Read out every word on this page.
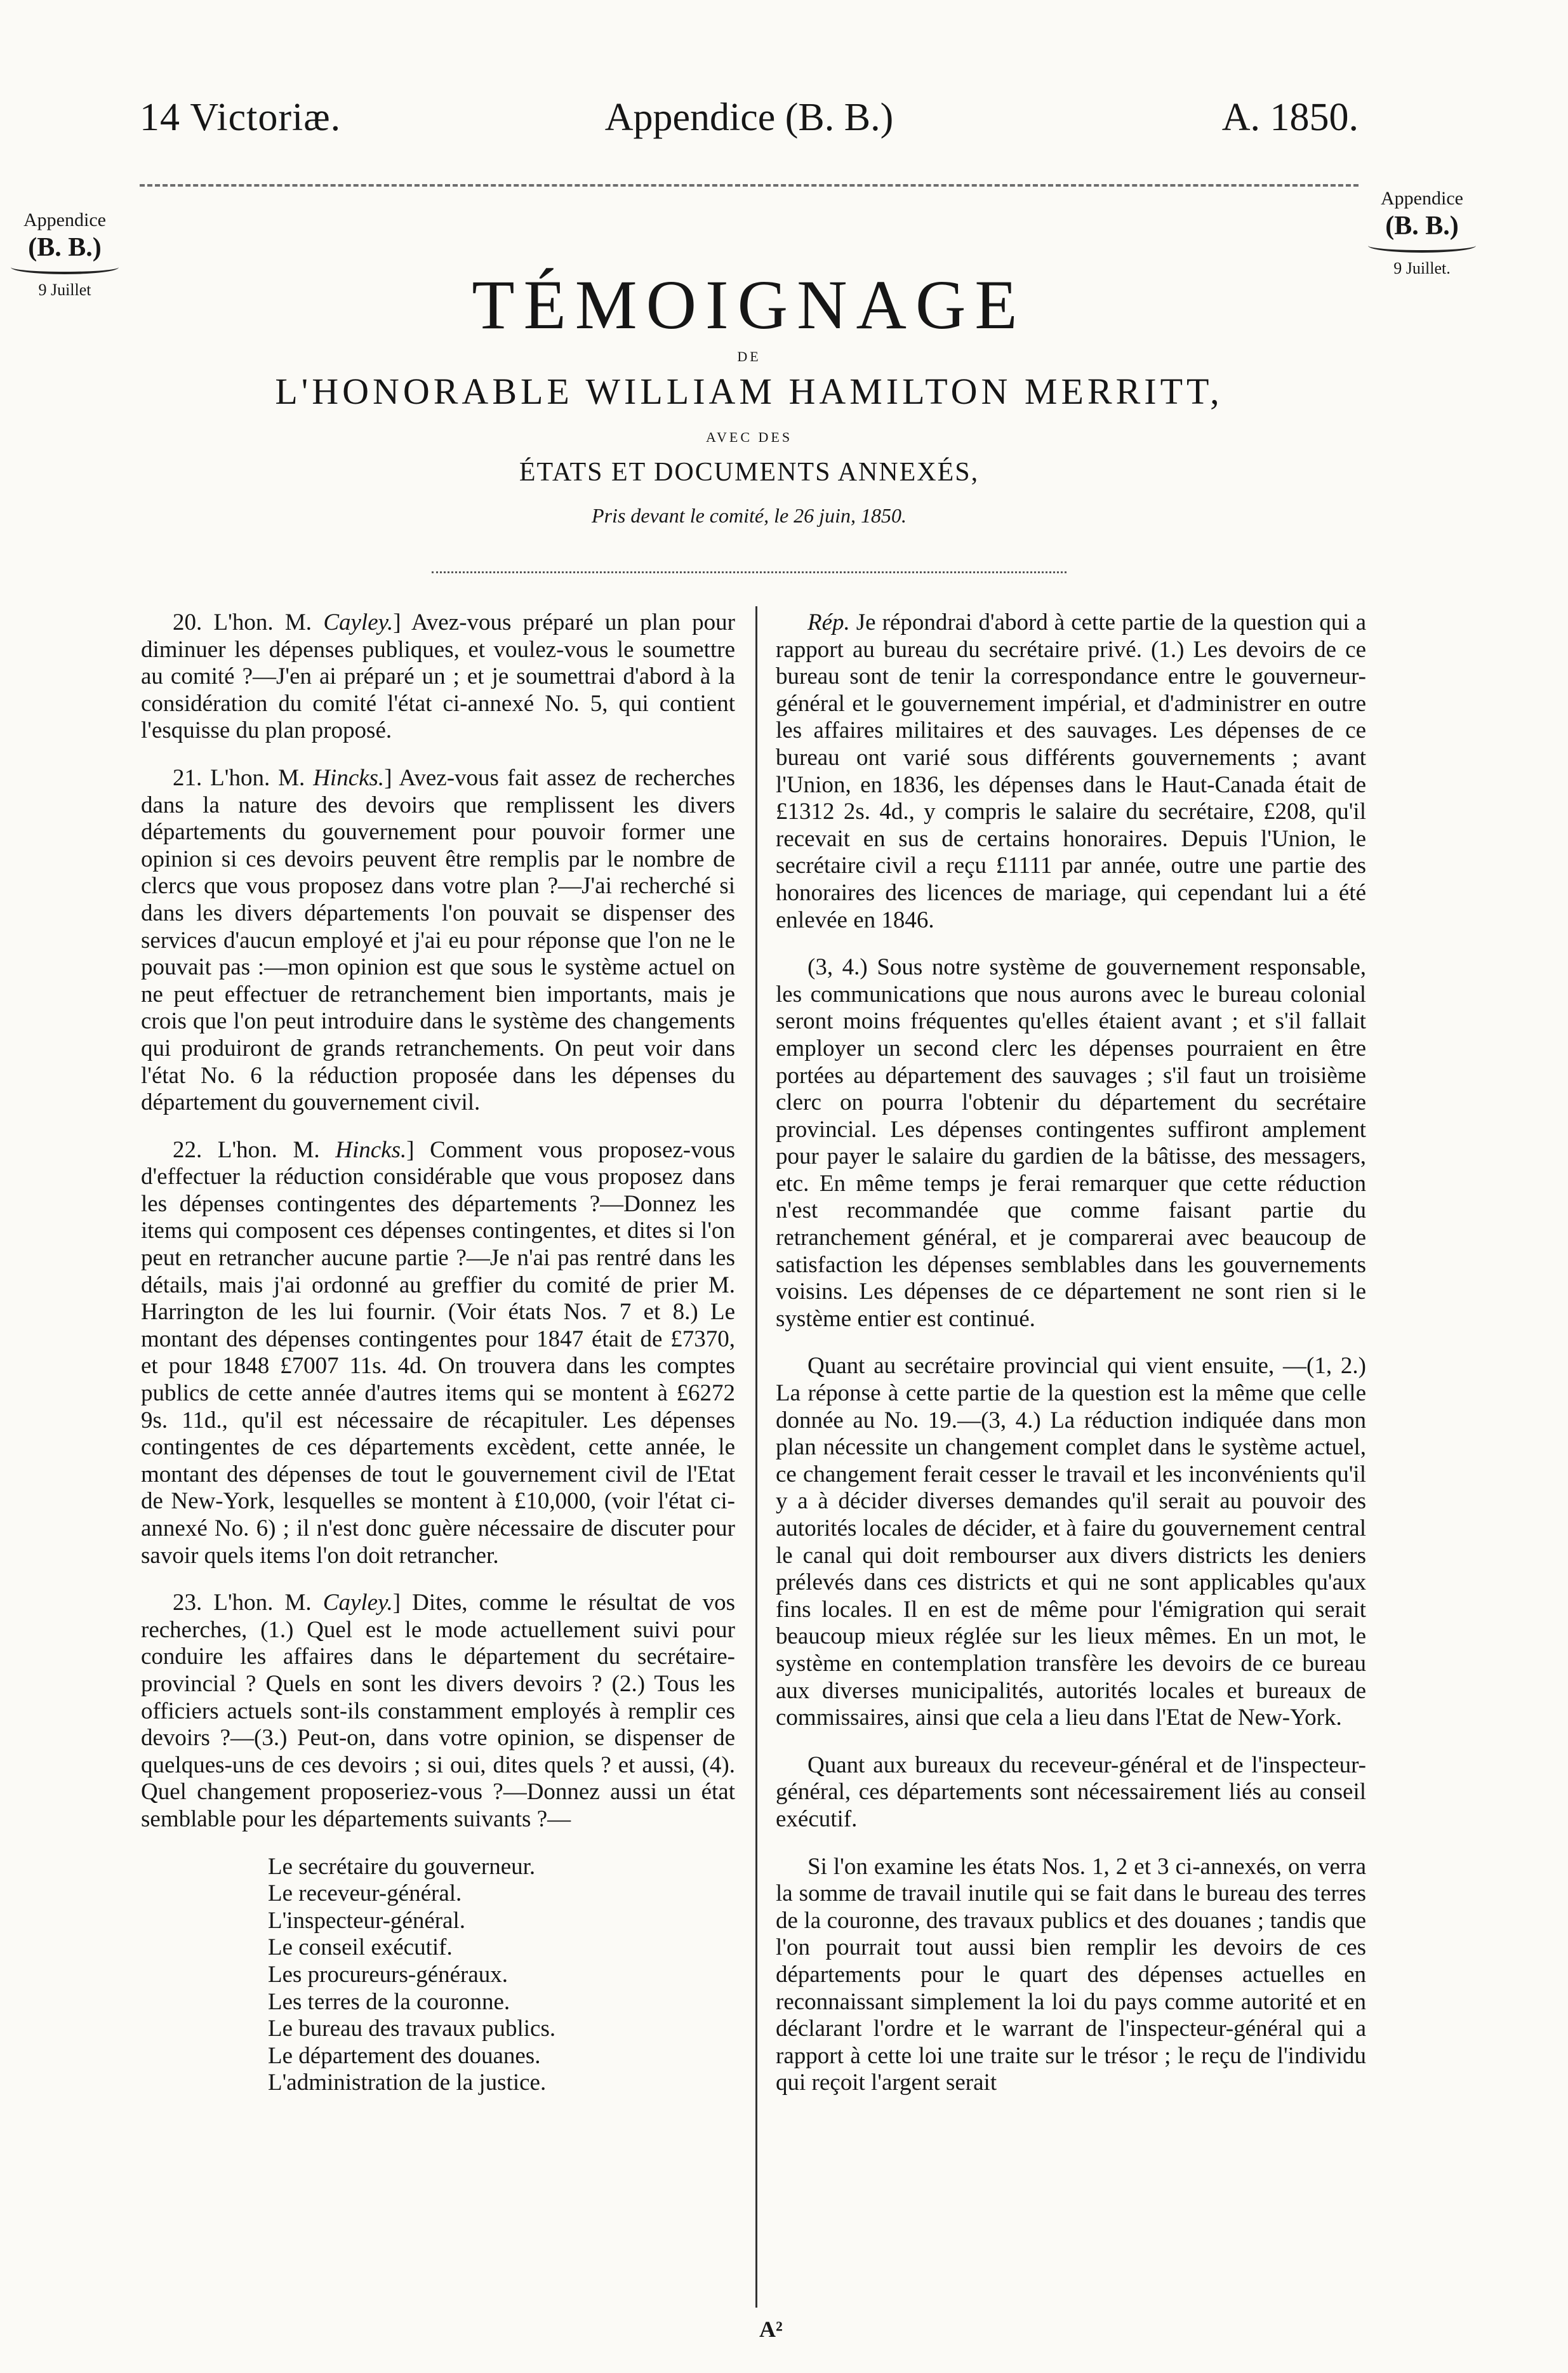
14 Victoriæ.	Appendice (B. B.)	A. 1850.
Appendice
(B. B.)
9 Juillet
Appendice
(B. B.)
9 Juillet.
TÉMOIGNAGE
DE
L'HONORABLE WILLIAM HAMILTON MERRITT,
AVEC DES
ÉTATS ET DOCUMENTS ANNEXÉS,
Pris devant le comité, le 26 juin, 1850.

20. L'hon. M. Cayley.] Avez-vous préparé un plan pour diminuer les dépenses publiques, et voulez-vous le soumettre au comité ?—J'en ai préparé un ; et je soumettrai d'abord à la considération du comité l'état ci-annexé No. 5, qui contient l'esquisse du plan proposé.

21. L'hon. M. Hincks.] Avez-vous fait assez de recherches dans la nature des devoirs que remplissent les divers départements du gouvernement pour pouvoir former une opinion si ces devoirs peuvent être remplis par le nombre de clercs que vous proposez dans votre plan ?—J'ai recherché si dans les divers départements l'on pouvait se dispenser des services d'aucun employé et j'ai eu pour réponse que l'on ne le pouvait pas :—mon opinion est que sous le système actuel on ne peut effectuer de retranchement bien importants, mais je crois que l'on peut introduire dans le système des changements qui produiront de grands retranchements. On peut voir dans l'état No. 6 la réduction proposée dans les dépenses du département du gouvernement civil.

22. L'hon. M. Hincks.] Comment vous proposez-vous d'effectuer la réduction considérable que vous proposez dans les dépenses contingentes des départements ?—Donnez les items qui composent ces dépenses contingentes, et dites si l'on peut en retrancher aucune partie ?—Je n'ai pas rentré dans les détails, mais j'ai ordonné au greffier du comité de prier M. Harrington de les lui fournir. (Voir états Nos. 7 et 8.) Le montant des dépenses contingentes pour 1847 était de £7370, et pour 1848 £7007 11s. 4d. On trouvera dans les comptes publics de cette année d'autres items qui se montent à £6272 9s. 11d., qu'il est nécessaire de récapituler. Les dépenses contingentes de ces départements excèdent, cette année, le montant des dépenses de tout le gouvernement civil de l'Etat de New-York, lesquelles se montent à £10,000, (voir l'état ci-annexé No. 6) ; il n'est donc guère nécessaire de discuter pour savoir quels items l'on doit retrancher.

23. L'hon. M. Cayley.] Dites, comme le résultat de vos recherches, (1.) Quel est le mode actuellement suivi pour conduire les affaires dans le département du secrétaire-provincial ? Quels en sont les divers devoirs ? (2.) Tous les officiers actuels sont-ils constamment employés à remplir ces devoirs ?—(3.) Peut-on, dans votre opinion, se dispenser de quelques-uns de ces devoirs ; si oui, dites quels ? et aussi, (4). Quel changement proposeriez-vous ?—Donnez aussi un état semblable pour les départements suivants ?—

Le secrétaire du gouverneur.
Le receveur-général.
L'inspecteur-général.
Le conseil exécutif.
Les procureurs-généraux.
Les terres de la couronne.
Le bureau des travaux publics.
Le département des douanes.
L'administration de la justice.

Rép. Je répondrai d'abord à cette partie de la question qui a rapport au bureau du secrétaire privé. (1.) Les devoirs de ce bureau sont de tenir la correspondance entre le gouverneur-général et le gouvernement impérial, et d'administrer en outre les affaires militaires et des sauvages. Les dépenses de ce bureau ont varié sous différents gouvernements ; avant l'Union, en 1836, les dépenses dans le Haut-Canada était de £1312 2s. 4d., y compris le salaire du secrétaire, £208, qu'il recevait en sus de certains honoraires. Depuis l'Union, le secrétaire civil a reçu £1111 par année, outre une partie des honoraires des licences de mariage, qui cependant lui a été enlevée en 1846.

(3, 4.) Sous notre système de gouvernement responsable, les communications que nous aurons avec le bureau colonial seront moins fréquentes qu'elles étaient avant ; et s'il fallait employer un second clerc les dépenses pourraient en être portées au département des sauvages ; s'il faut un troisième clerc on pourra l'obtenir du département du secrétaire provincial. Les dépenses contingentes suffiront amplement pour payer le salaire du gardien de la bâtisse, des messagers, etc. En même temps je ferai remarquer que cette réduction n'est recommandée que comme faisant partie du retranchement général, et je comparerai avec beaucoup de satisfaction les dépenses semblables dans les gouvernements voisins. Les dépenses de ce département ne sont rien si le système entier est continué.

Quant au secrétaire provincial qui vient ensuite, —(1, 2.) La réponse à cette partie de la question est la même que celle donnée au No. 19.—(3, 4.) La réduction indiquée dans mon plan nécessite un changement complet dans le système actuel, ce changement ferait cesser le travail et les inconvénients qu'il y a à décider diverses demandes qu'il serait au pouvoir des autorités locales de décider, et à faire du gouvernement central le canal qui doit rembourser aux divers districts les deniers prélevés dans ces districts et qui ne sont applicables qu'aux fins locales. Il en est de même pour l'émigration qui serait beaucoup mieux réglée sur les lieux mêmes. En un mot, le système en contemplation transfère les devoirs de ce bureau aux diverses municipalités, autorités locales et bureaux de commissaires, ainsi que cela a lieu dans l'Etat de New-York.

Quant aux bureaux du receveur-général et de l'inspecteur-général, ces départements sont nécessairement liés au conseil exécutif.

Si l'on examine les états Nos. 1, 2 et 3 ci-annexés, on verra la somme de travail inutile qui se fait dans le bureau des terres de la couronne, des travaux publics et des douanes ; tandis que l'on pourrait tout aussi bien remplir les devoirs de ces départements pour le quart des dépenses actuelles en reconnaissant simplement la loi du pays comme autorité et en déclarant l'ordre et le warrant de l'inspecteur-général qui a rapport à cette loi une traite sur le trésor ; le reçu de l'individu qui reçoit l'argent serait

A²
